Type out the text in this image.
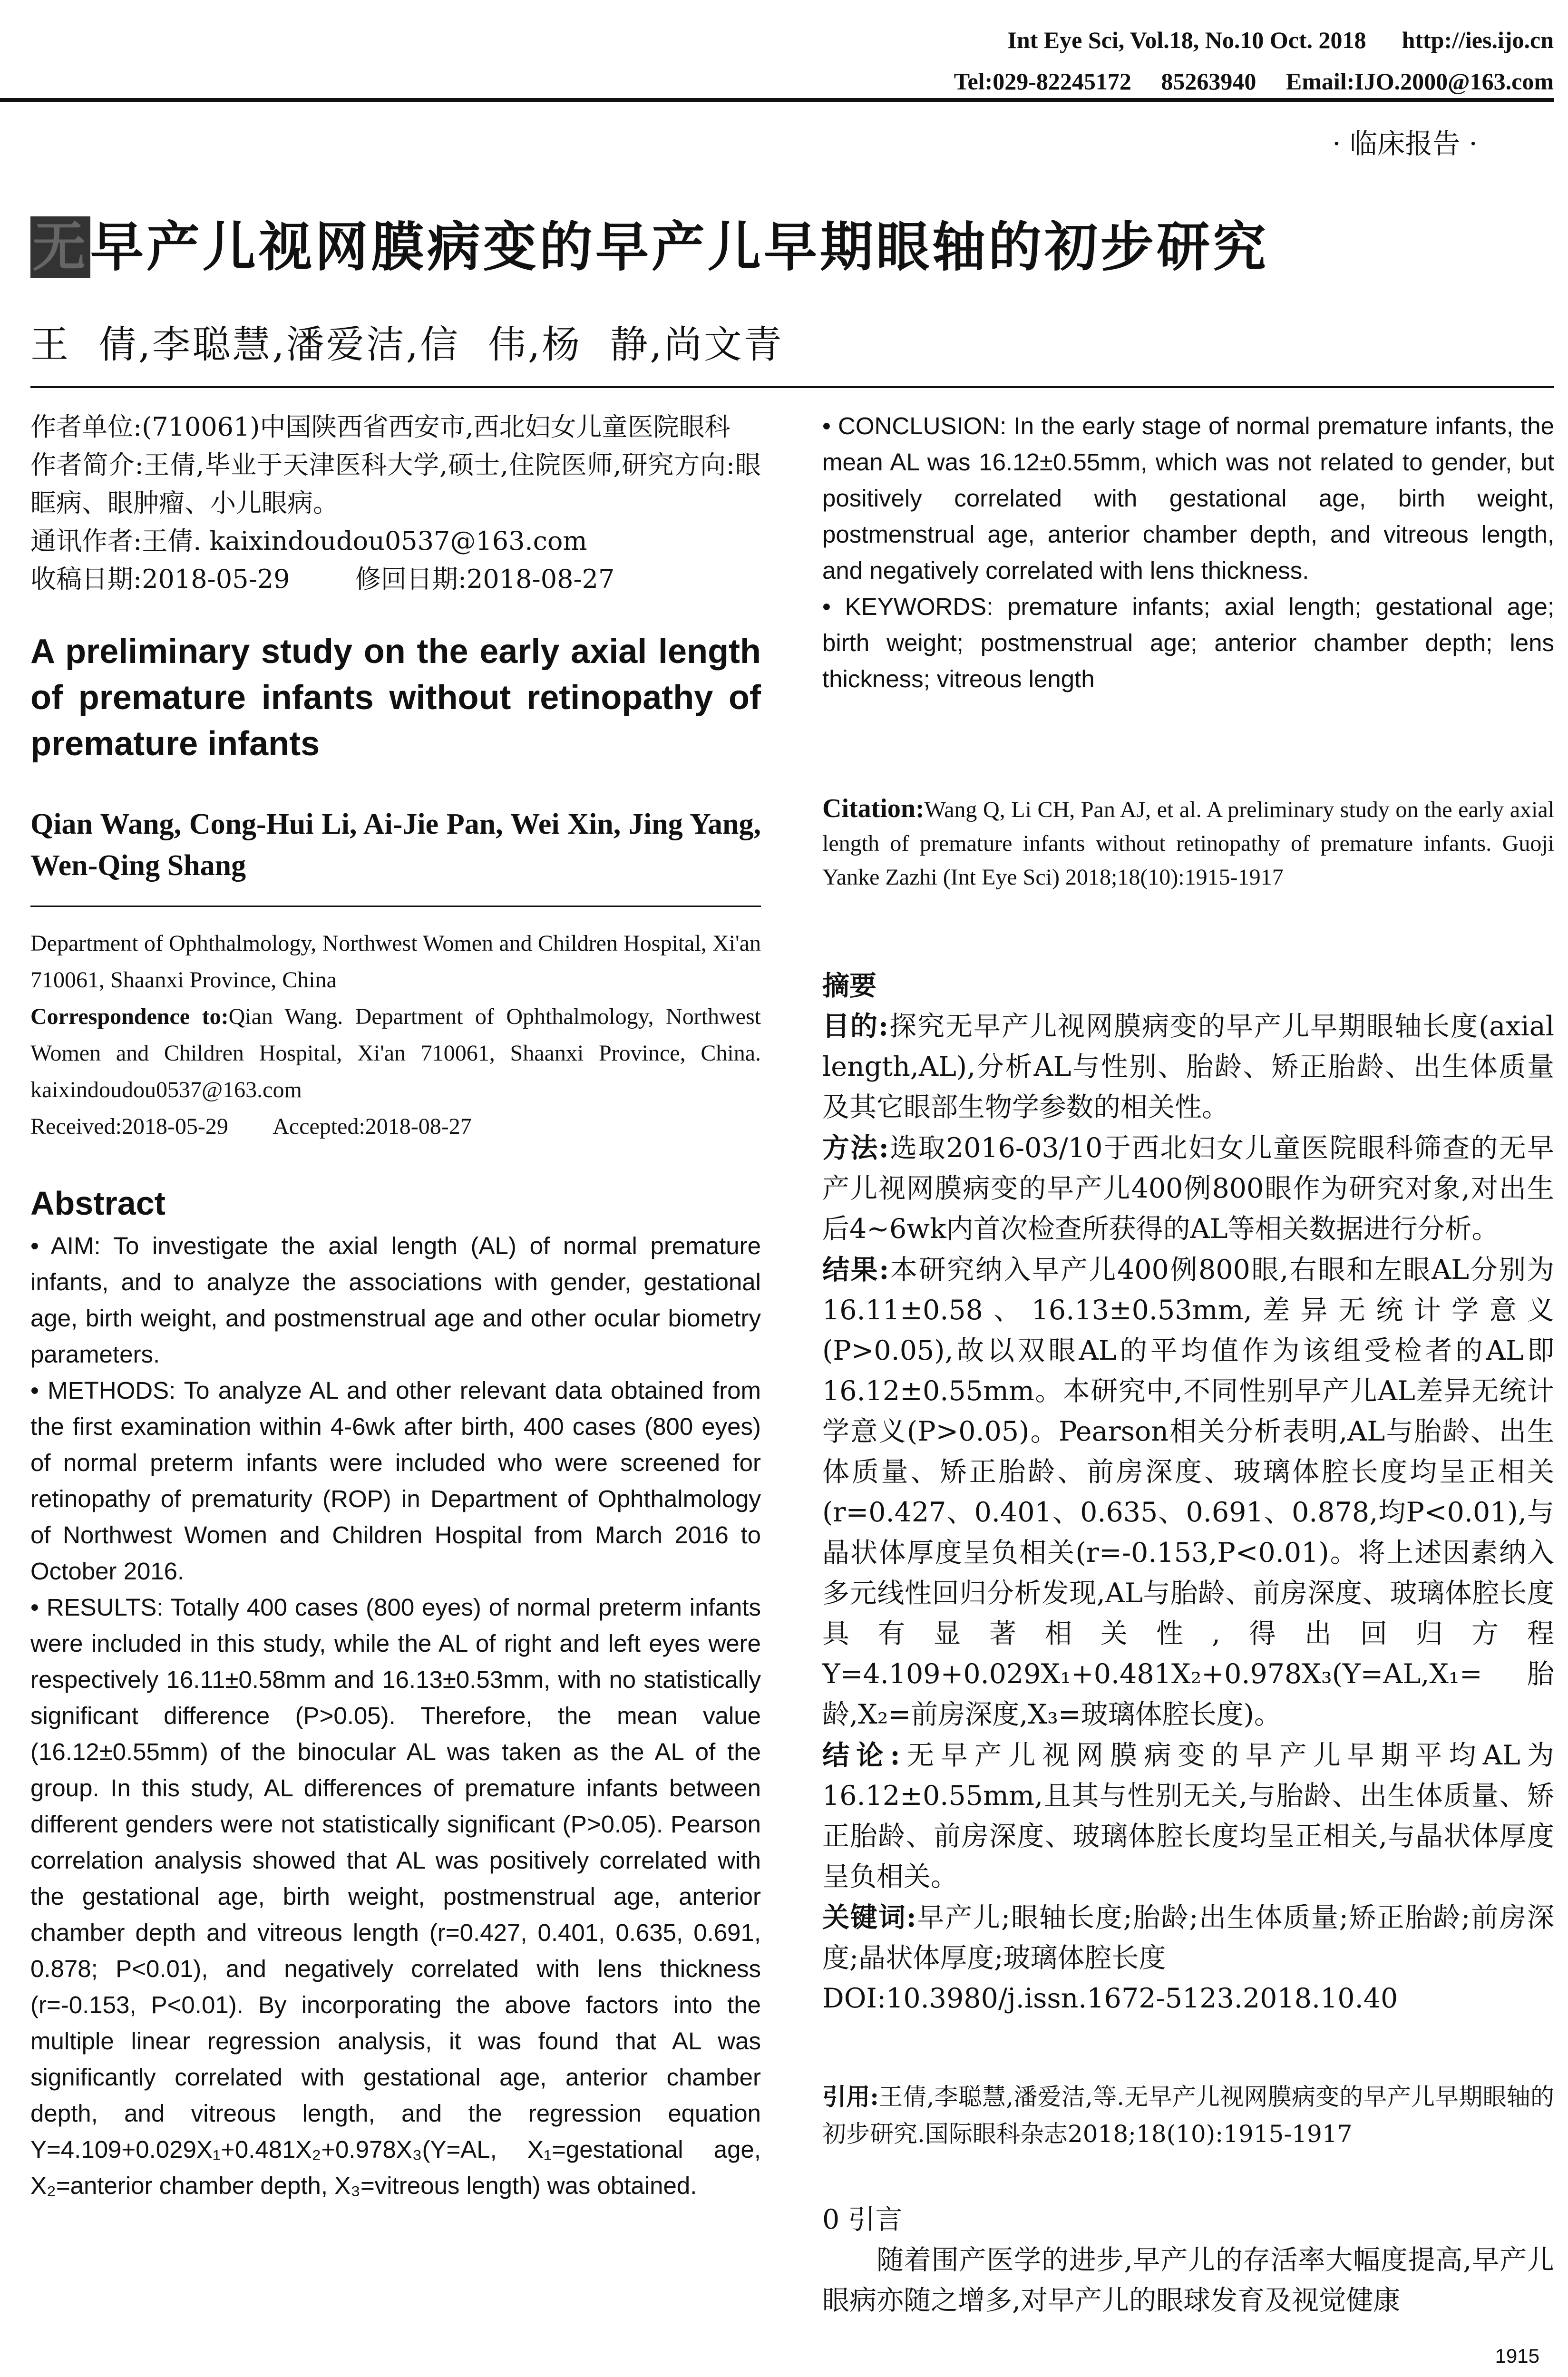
Int Eye Sci, Vol.18, No.10 Oct. 2018 http://ies.ijo.cn
Tel:029-82245172 85263940 Email:IJO.2000@163.com
· 临床报告 ·
无早产儿视网膜病变的早产儿早期眼轴的初步研究
王  倩,李聪慧,潘爱洁,信  伟,杨  静,尚文青

作者单位:(710061)中国陕西省西安市,西北妇女儿童医院眼科

作者简介:王倩,毕业于天津医科大学,硕士,住院医师,研究方向:眼眶病、眼肿瘤、小儿眼病。

通讯作者:王倩. kaixindoudou0537@163.com

收稿日期:2018-05-29        修回日期:2018-08-27

A preliminary study on the early axial length of premature infants without retinopathy of premature infants
Qian Wang, Cong-Hui Li, Ai-Jie Pan, Wei Xin, Jing Yang, Wen-Qing Shang

Department of Ophthalmology, Northwest Women and Children Hospital, Xi'an 710061, Shaanxi Province, China

Correspondence to:Qian Wang. Department of Ophthalmology, Northwest Women and Children Hospital, Xi'an 710061, Shaanxi Province, China. kaixindoudou0537@163.com

Received:2018-05-29        Accepted:2018-08-27

Abstract

• AIM: To investigate the axial length (AL) of normal premature infants, and to analyze the associations with gender, gestational age, birth weight, and postmenstrual age and other ocular biometry parameters.

• METHODS: To analyze AL and other relevant data obtained from the first examination within 4-6wk after birth, 400 cases (800 eyes) of normal preterm infants were included who were screened for retinopathy of prematurity (ROP) in Department of Ophthalmology of Northwest Women and Children Hospital from March 2016 to October 2016.

• RESULTS: Totally 400 cases (800 eyes) of normal preterm infants were included in this study, while the AL of right and left eyes were respectively 16.11±0.58mm and 16.13±0.53mm, with no statistically significant difference (P>0.05). Therefore, the mean value (16.12±0.55mm) of the binocular AL was taken as the AL of the group. In this study, AL differences of premature infants between different genders were not statistically significant (P>0.05). Pearson correlation analysis showed that AL was positively correlated with the gestational age, birth weight, postmenstrual age, anterior chamber depth and vitreous length (r=0.427, 0.401, 0.635, 0.691, 0.878; P<0.01), and negatively correlated with lens thickness (r=-0.153, P<0.01). By incorporating the above factors into the multiple linear regression analysis, it was found that AL was significantly correlated with gestational age, anterior chamber depth, and vitreous length, and the regression equation Y=4.109+0.029X₁+0.481X₂+0.978X₃(Y=AL, X₁=gestational age, X₂=anterior chamber depth, X₃=vitreous length) was obtained.

• CONCLUSION: In the early stage of normal premature infants, the mean AL was 16.12±0.55mm, which was not related to gender, but positively correlated with gestational age, birth weight, postmenstrual age, anterior chamber depth, and vitreous length, and negatively correlated with lens thickness.

• KEYWORDS: premature infants; axial length; gestational age; birth weight; postmenstrual age; anterior chamber depth; lens thickness; vitreous length

Citation:Wang Q, Li CH, Pan AJ, et al. A preliminary study on the early axial length of premature infants without retinopathy of premature infants. Guoji Yanke Zazhi (Int Eye Sci) 2018;18(10):1915-1917

摘要

目的:探究无早产儿视网膜病变的早产儿早期眼轴长度(axial length,AL),分析AL与性别、胎龄、矫正胎龄、出生体质量及其它眼部生物学参数的相关性。

方法:选取2016-03/10于西北妇女儿童医院眼科筛查的无早产儿视网膜病变的早产儿400例800眼作为研究对象,对出生后4~6wk内首次检查所获得的AL等相关数据进行分析。

结果:本研究纳入早产儿400例800眼,右眼和左眼AL分别为16.11±0.58、16.13±0.53mm,差异无统计学意义(P>0.05),故以双眼AL的平均值作为该组受检者的AL即16.12±0.55mm。本研究中,不同性别早产儿AL差异无统计学意义(P>0.05)。Pearson相关分析表明,AL与胎龄、出生体质量、矫正胎龄、前房深度、玻璃体腔长度均呈正相关(r=0.427、0.401、0.635、0.691、0.878,均P<0.01),与晶状体厚度呈负相关(r=-0.153,P<0.01)。将上述因素纳入多元线性回归分析发现,AL与胎龄、前房深度、玻璃体腔长度具有显著相关性,得出回归方程Y=4.109+0.029X₁+0.481X₂+0.978X₃(Y=AL,X₁=胎龄,X₂=前房深度,X₃=玻璃体腔长度)。

结论:无早产儿视网膜病变的早产儿早期平均AL为16.12±0.55mm,且其与性别无关,与胎龄、出生体质量、矫正胎龄、前房深度、玻璃体腔长度均呈正相关,与晶状体厚度呈负相关。

关键词:早产儿;眼轴长度;胎龄;出生体质量;矫正胎龄;前房深度;晶状体厚度;玻璃体腔长度

DOI:10.3980/j.issn.1672-5123.2018.10.40

引用:王倩,李聪慧,潘爱洁,等.无早产儿视网膜病变的早产儿早期眼轴的初步研究.国际眼科杂志2018;18(10):1915-1917

0 引言

随着围产医学的进步,早产儿的存活率大幅度提高,早产儿眼病亦随之增多,对早产儿的眼球发育及视觉健康

1915
